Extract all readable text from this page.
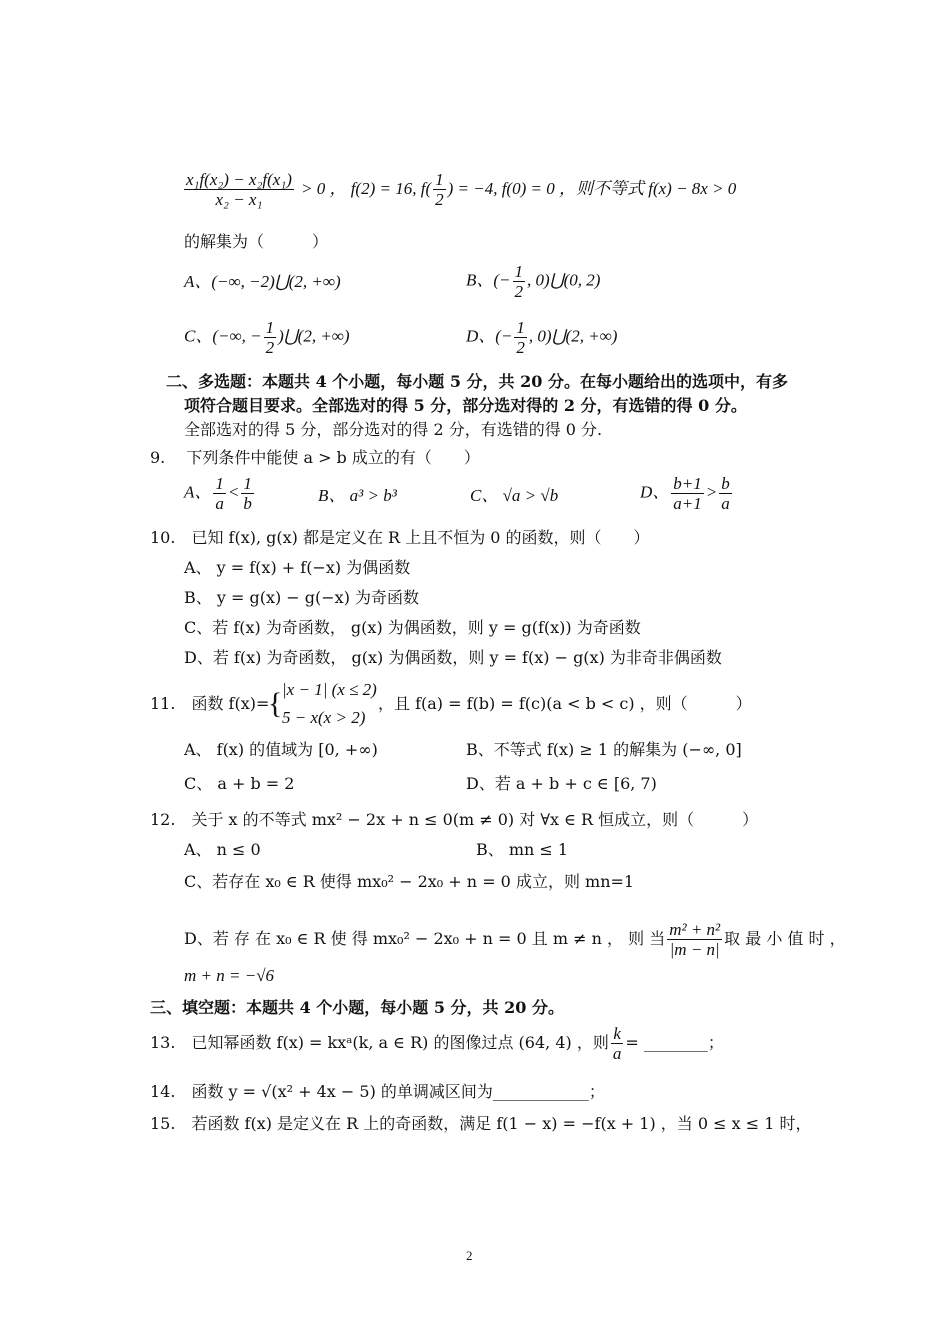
$\frac{\text{x₁f(x₂) − x₂f(x₁)}}{\text{x₂ − x₁}} > 0$ ， f(2) = 16, $f( \frac{1}{2}$ ) = −4, f(0) = 0 ，则不等式 f(x) − 8x > 0
的解集为（　　　）
A、(−∞, −2)⋃(2, +∞)	B、(− $\frac{1}{2}$ , 0)⋃(0, 2)
C、(−∞, − $\frac{1}{2}$ )⋃(2, +∞)	D、(− $\frac{1}{2}$ , 0)⋃(2, +∞)
二、多选题：本题共 4 个小题，每小题 5 分，共 20 分。在每小题给出的选项中，有多
项符合题目要求。全部选对的得 5 分，部分选对得的 2 分，有选错的得 0 分。
全部选对的得 5 分，部分选对的得 2 分，有选错的得 0 分.
9.　 下列条件中能使 a > b 成立的有（　　）
A、 $\frac{1}{a} < \frac{1}{b}$	B、 a³ > b³	C、 √a > √b	D、 $\frac{b+1}{a+1} > \frac{b}{a}$
10.　已知 f(x), g(x) 都是定义在 R 上且不恒为 0 的函数，则（　　）
A、 y = f(x) + f(−x) 为偶函数
B、 y = g(x) − g(−x) 为奇函数
C、若 f(x) 为奇函数， g(x) 为偶函数，则 y = g(f(x)) 为奇函数
D、若 f(x) 为奇函数， g(x) 为偶函数，则 y = f(x) − g(x) 为非奇非偶函数
11.　函数 f(x)=
{ |x − 1| (x ≤ 2)
5 − x(x > 2)
，且 f(a) = f(b) = f(c)(a < b < c) ，则（　　　）
A、 f(x) 的值域为 [0, +∞)	B、不等式 f(x) ≥ 1 的解集为 (−∞, 0]
C、 a + b = 2	D、若 a + b + c ∈ [6, 7)
12.　关于 x 的不等式 mx² − 2x + n ≤ 0(m ≠ 0) 对 ∀x ∈ R 恒成立，则（　　　）
A、 n ≤ 0	B、 mn ≤ 1
C、若存在 x₀ ∈ R 使得 mx₀² − 2x₀ + n = 0 成立，则 mn=1
D、若 存 在 x₀ ∈ R 使 得 mx₀² − 2x₀ + n = 0 且 m ≠ n ， 则 当 $\frac{\text{m² + n²}}{|m - n|}$ 取 最 小 值 时 ，
m + n = −√6
三、填空题：本题共 4 个小题，每小题 5 分，共 20 分。
13.　已知幂函数 f(x) = kxᵃ(k, a ∈ R) 的图像过点 (64, 4) ，则 $\frac{k}{a}$ = ________；
14.　函数 y = √(x² + 4x − 5) 的单调减区间为____________；
15.　若函数 f(x) 是定义在 R 上的奇函数，满足 f(1 − x) = −f(x + 1) ，当 0 ≤ x ≤ 1 时，
2
